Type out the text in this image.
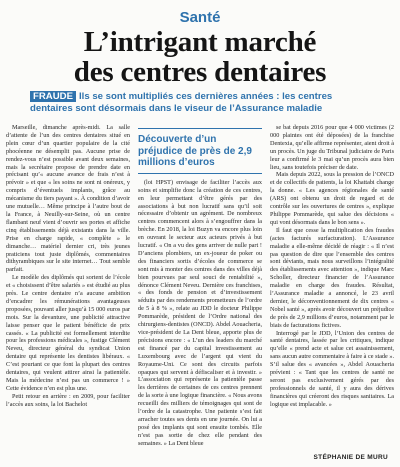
Santé
L’intrigant marché
des centres dentaires
FRAUDE Ils se sont multipliés ces dernières années : les centres dentaires sont désormais dans le viseur de l’Assurance maladie

Marseille, dimanche après-midi. La salle d’attente de l’un des centres dentaires situé en plein cœur d’un quartier populaire de la cité phocéenne ne désemplit pas. Aucune prise de rendez-vous n’est possible avant deux semaines, mais la secrétaire propose de prendre date en précisant qu’« aucune avance de frais n’est à prévoir » et que « les soins ne sont ni onéreux, y compris d’éventuels implants, grâce au mécanisme du tiers payant ». À condition d’avoir une mutuelle… Même principe à l’autre bout de la France, à Neuilly-sur-Seine, où un centre flambant neuf vient d’ouvrir ses portes et affiche cinq établissements déjà existants dans la ville. Prise en charge rapide, « complète » le dimanche… matériel dernier cri, très jeunes praticiens tout juste diplômés, commentaires dithyrambiques sur le site internet… Tout semble parfait.

Le modèle des diplômés qui sortent de l’école et « choisissent d’être salariés » est étudié au plus près. Le centre dentaire n’a aucune ambition d’encadrer les rémunérations avantageuses proposées, pouvant aller jusqu’à 15 000 euros par mois. Sur la devanture, une publicité attractive laisse penser que le patient bénéficie de prix cassés. « La publicité est formellement interdite pour les professions médicales », fustige Clément Neveu, directeur général du syndicat Union dentaire qui représente les dentistes libéraux. « C’est pourtant ce que font la plupart des centres dentaires, qui veulent attirer ainsi la patientèle. Mais la médecine n’est pas un commerce ! » Cette évidence n’en est plus une.

Petit retour en arrière : en 2009, pour faciliter l’accès aux soins, la loi Bachelot

Découverte d’un préjudice de près de 2,9 millions d’euros

(loi HPST) envisage de faciliter l’accès aux soins et simplifie donc la création de ces centres, en leur permettant d’être gérés par des associations à but non lucratif sans qu’il soit nécessaire d’obtenir un agrément. De nombreux centres commencent alors à s’engouffrer dans la brèche. En 2018, la loi Buzyn va encore plus loin en ouvrant le secteur aux acteurs privés à but lucratif. « On a vu des gens arriver de nulle part ! D’anciens plombiers, un ex-joueur de poker ou des financiers sortis d’écoles de commerce se sont mis à monter des centres dans des villes déjà bien pourvues par seul souci de rentabilité », dénonce Clément Neveu. Dernière ces franchises, « des fonds de pension et d’investissement séduits par des rendements prometteurs de l’ordre de 5 à 8 % », relate au JDD le docteur Philippe Pommarède, président de l’Ordre national des chirurgiens-dentistes (ONCD). Abdel Aouacheria, vice-président de La Dent bleue, apporte plus de précisions encore : « L’un des leaders du marché est financé par du capital investissement au Luxembourg avec de l’argent qui vient du Royaume-Uni. Ce sont des circuits parfois opaques qui servent à défiscaliser et à investir. » L’association qui représente la patientèle passe les derrières de certaines de ces centres prennent de la sorte à une logique financière. « Nous avons recueilli des milliers de témoignages qui sont de l’ordre de la catastrophe. Une patiente s’est fait arracher toutes ses dents en une journée. On lui a posé des implants qui sont ensuite tombés. Elle n’est pas sortie de chez elle pendant des semaines. » La Dent bleue

se bat depuis 2016 pour que 4 000 victimes (2 000 plaintes ont été déposées) de la franchise Dentexia, qu’elle affirme représenter, aient droit à un procès. Un juge du Tribunal judiciaire de Paris leur a confirmé le 3 mai qu’un procès aura bien lieu, sans toutefois préciser de date.

Mais depuis 2022, sous la pression de l’ONCD et de collectifs de patients, la loi Khattabi change la donne. « Les agences régionales de santé (ARS) ont obtenu un droit de regard et de contrôle sur les ouvertures de centres », explique Philippe Pommarède, qui salue des décisions « qui vont désormais dans le bon sens ».

Il faut que cesse la multiplication des fraudes (actes facturés surfacturation). L’Assurance maladie a elle-même décidé de réagir : « Il n’est pas question de dire que l’ensemble des centres sont déviants, mais nous surveillons l’intégralité des établissements avec attention », indique Marc Scholler, directeur financier de l’Assurance maladie en charge des fraudes. Résultat, l’Assurance maladie a annoncé, le 23 avril dernier, le déconventionnement de dix centres « Nobel santé », après avoir découvert un préjudice de près de 2,9 millions d’euros, notamment par le biais de facturations fictives.

Interrogé par le JDD, l’Union des centres de santé dentaires, lassée par les critiques, indique qu’elle « prend acte et salue cet assainissement, sans aucun autre commentaire à faire à ce stade ». S’il salue des « avancées », Abdel Aouacheria prévient : « Tant que les centres de santé ne seront pas exclusivement gérés par des professionnels de santé, il y aura des dérives financières qui créeront des risques sanitaires. La logique est implacable. »

STÉPHANIE DE MURU
